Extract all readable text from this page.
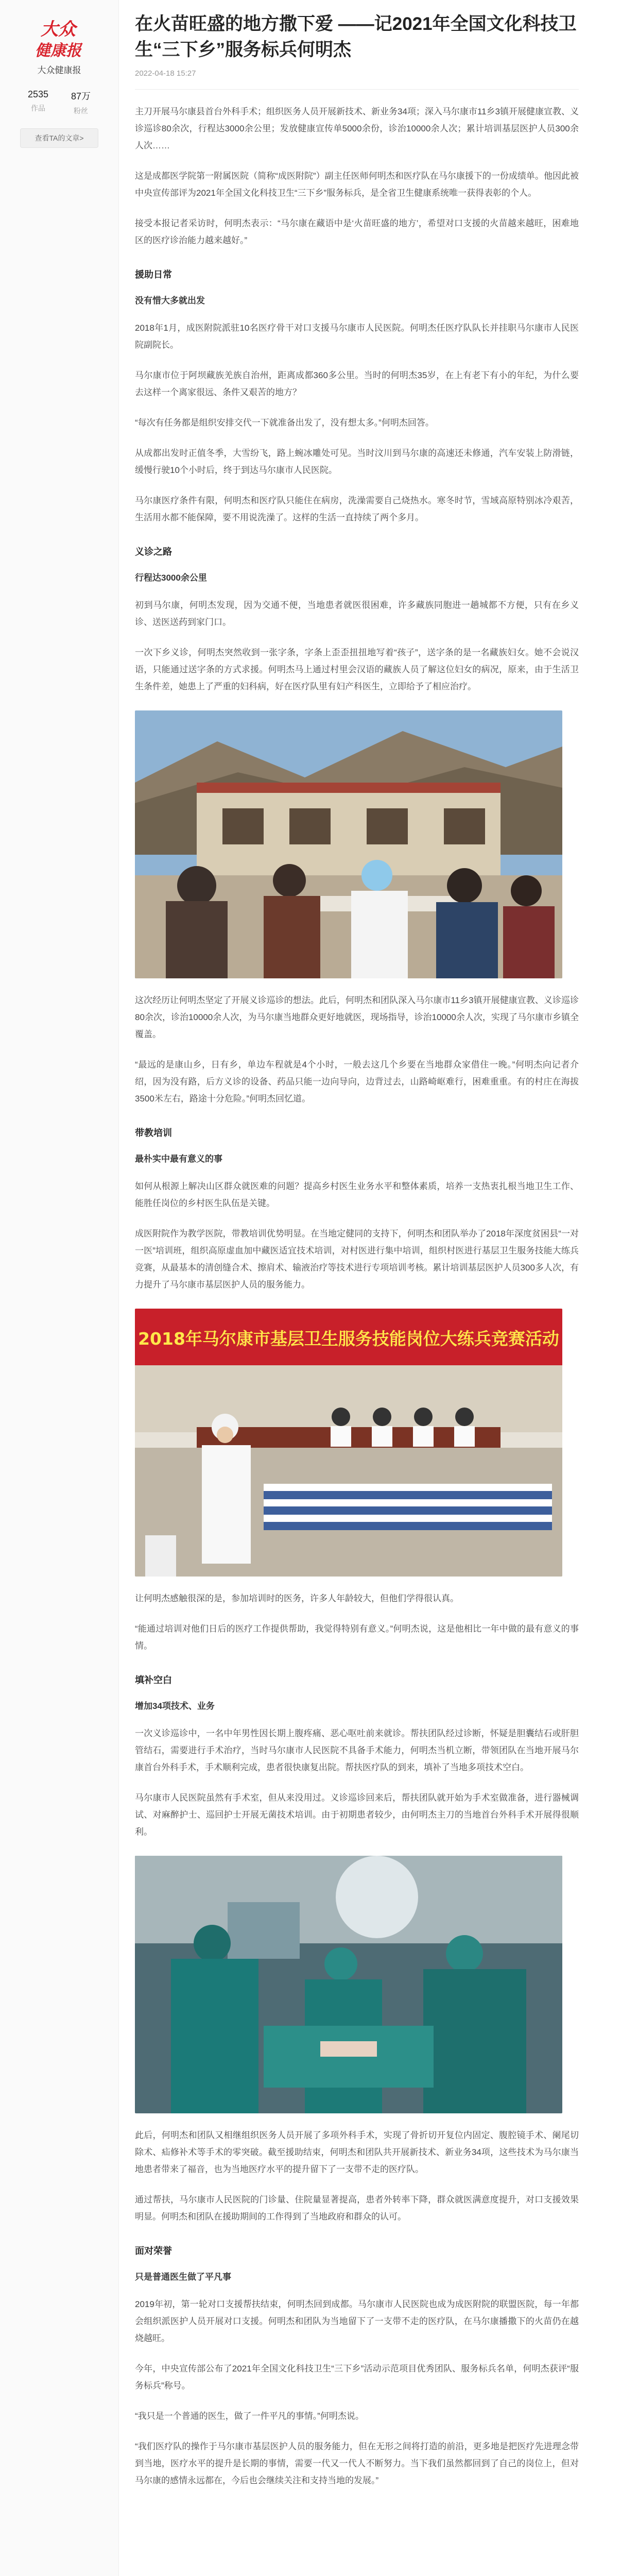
大众
健康报
大众健康报
2535
作品
87万
粉丝
查看TA的文章>
在火苗旺盛的地方撒下爱 ——记2021年全国文化科技卫生“三下乡”服务标兵何明杰
2022-04-18 15:27

主刀开展马尔康县首台外科手术；组织医务人员开展新技术、新业务34项；深入马尔康市11乡3镇开展健康宣教、义诊巡诊80余次，行程达3000余公里；发放健康宣传单5000余份，诊治10000余人次；累计培训基层医护人员300余人次……

这是成都医学院第一附属医院（简称“成医附院”）副主任医师何明杰和医疗队在马尔康援下的一份成绩单。他因此被中央宣传部评为2021年全国文化科技卫生“三下乡”服务标兵，是全省卫生健康系统唯一获得表彰的个人。

接受本报记者采访时，何明杰表示：“马尔康在藏语中是‘火苗旺盛的地方’，希望对口支援的火苗越来越旺，困难地区的医疗诊治能力越来越好。”

援助日常
没有惜大多就出发

2018年1月，成医附院派驻10名医疗骨干对口支援马尔康市人民医院。何明杰任医疗队队长并挂职马尔康市人民医院副院长。

马尔康市位于阿坝藏族羌族自治州，距离成都360多公里。当时的何明杰35岁，在上有老下有小的年纪，为什么要去这样一个离家很远、条件又艰苦的地方？

“每次有任务都是组织安排交代一下就准备出发了，没有想太多。”何明杰回答。

从成都出发时正值冬季，大雪纷飞，路上蜿冰雕处可见。当时汶川到马尔康的高速还未修通，汽车安装上防滑链，缓慢行驶10个小时后，终于到达马尔康市人民医院。

马尔康医疗条件有限，何明杰和医疗队只能住在病房，洗澡需要自己烧热水。寒冬时节，雪域高原特别冰冷艰苦，生活用水都不能保障，要不用说洗澡了。这样的生活一直持续了两个多月。

义诊之路
行程达3000余公里

初到马尔康，何明杰发现，因为交通不便，当地患者就医很困难，许多藏族同胞进一趟城都不方便，只有在乡义诊、送医送药到家门口。

一次下乡义诊，何明杰突然收到一张字条，字条上歪歪扭扭地写着“孩子”，送字条的是一名藏族妇女。她不会说汉语，只能通过送字条的方式求援。何明杰马上通过村里会汉语的藏族人员了解这位妇女的病况，原来，由于生活卫生条件差，她患上了严重的妇科病，好在医疗队里有妇产科医生，立即给予了相应治疗。

这次经历让何明杰坚定了开展义诊巡诊的想法。此后，何明杰和团队深入马尔康市11乡3镇开展健康宣教、义诊巡诊80余次，诊治10000余人次，为马尔康当地群众更好地就医，现场指导，诊治10000余人次，实现了马尔康市乡镇全覆盖。

“最远的是康山乡，日有乡，单边车程就是4个小时，一般去这几个乡要在当地群众家借住一晚。”何明杰向记者介绍，因为没有路，后方义诊的设备、药品只能一边向导向，边背过去，山路崎岖难行，困难重重。有的村庄在海拔3500米左右，路途十分危险。”何明杰回忆道。

带教培训
最朴实中最有意义的事

如何从根源上解决山区群众就医难的问题？提高乡村医生业务水平和整体素质，培养一支热衷扎根当地卫生工作、能胜任岗位的乡村医生队伍是关键。

成医附院作为教学医院，带教培训优势明显。在当地定健同的支持下，何明杰和团队举办了2018年深度贫困县“一对一医”培训班，组织高原虚血加中藏医适宜技术培训，对村医进行集中培训，组织村医进行基层卫生服务技能大练兵竞赛，从最基本的清创缝合术、擦肩术、输液治疗等技术进行专项培训考核。累计培训基层医护人员300多人次，有力提升了马尔康市基层医护人员的服务能力。

2018年马尔康市基层卫生服务技能岗位大练兵竞赛活动

让何明杰感触很深的是，参加培训时的医务，许多人年龄较大，但他们学得很认真。

“能通过培训对他们日后的医疗工作提供帮助，我觉得特别有意义。”何明杰说，这是他相比一年中做的最有意义的事情。

填补空白
增加34项技术、业务

一次义诊巡诊中，一名中年男性因长期上腹疼痛、恶心呕吐前来就诊。帮扶团队经过诊断，怀疑是胆囊结石或肝胆管结石，需要进行手术治疗，当时马尔康市人民医院不具备手术能力，何明杰当机立断，带领团队在当地开展马尔康首台外科手术，手术顺利完成，患者很快康复出院。帮扶医疗队的到来，填补了当地多项技术空白。

马尔康市人民医院虽然有手术室，但从来没用过。义诊巡诊回来后，帮扶团队就开始为手术室做准备，进行器械调试、对麻醉护士、巡回护士开展无菌技术培训。由于初期患者较少，由何明杰主刀的当地首台外科手术开展得很顺利。

此后，何明杰和团队又相继组织医务人员开展了多项外科手术，实现了骨折切开复位内固定、腹腔镜手术、阑尾切除术、疝修补术等手术的零突破。截至援助结束，何明杰和团队共开展新技术、新业务34项，这些技术为马尔康当地患者带来了福音，也为当地医疗水平的提升留下了一支带不走的医疗队。

通过帮扶，马尔康市人民医院的门诊量、住院量显著提高，患者外转率下降，群众就医满意度提升，对口支援效果明显。何明杰和团队在援助期间的工作得到了当地政府和群众的认可。

面对荣誉
只是普通医生做了平凡事

2019年初，第一轮对口支援帮扶结束，何明杰回到成都。马尔康市人民医院也成为成医附院的联盟医院，每一年都会组织派医护人员开展对口支援。何明杰和团队为当地留下了一支带不走的医疗队，在马尔康播撒下的火苗仍在越烧越旺。

今年，中央宣传部公布了2021年全国文化科技卫生“三下乡”活动示范项目优秀团队、服务标兵名单，何明杰获评“服务标兵”称号。

“我只是一个普通的医生，做了一件平凡的事情。”何明杰说。

“我们医疗队的操作于马尔康市基层医护人员的服务能力，但在无形之间将打造的前沿，更多地是把医疗先进理念带到当地，医疗水平的提升是长期的事情，需要一代又一代人不断努力。当下我们虽然都回到了自己的岗位上，但对马尔康的感情永远都在，今后也会继续关注和支持当地的发展。”
